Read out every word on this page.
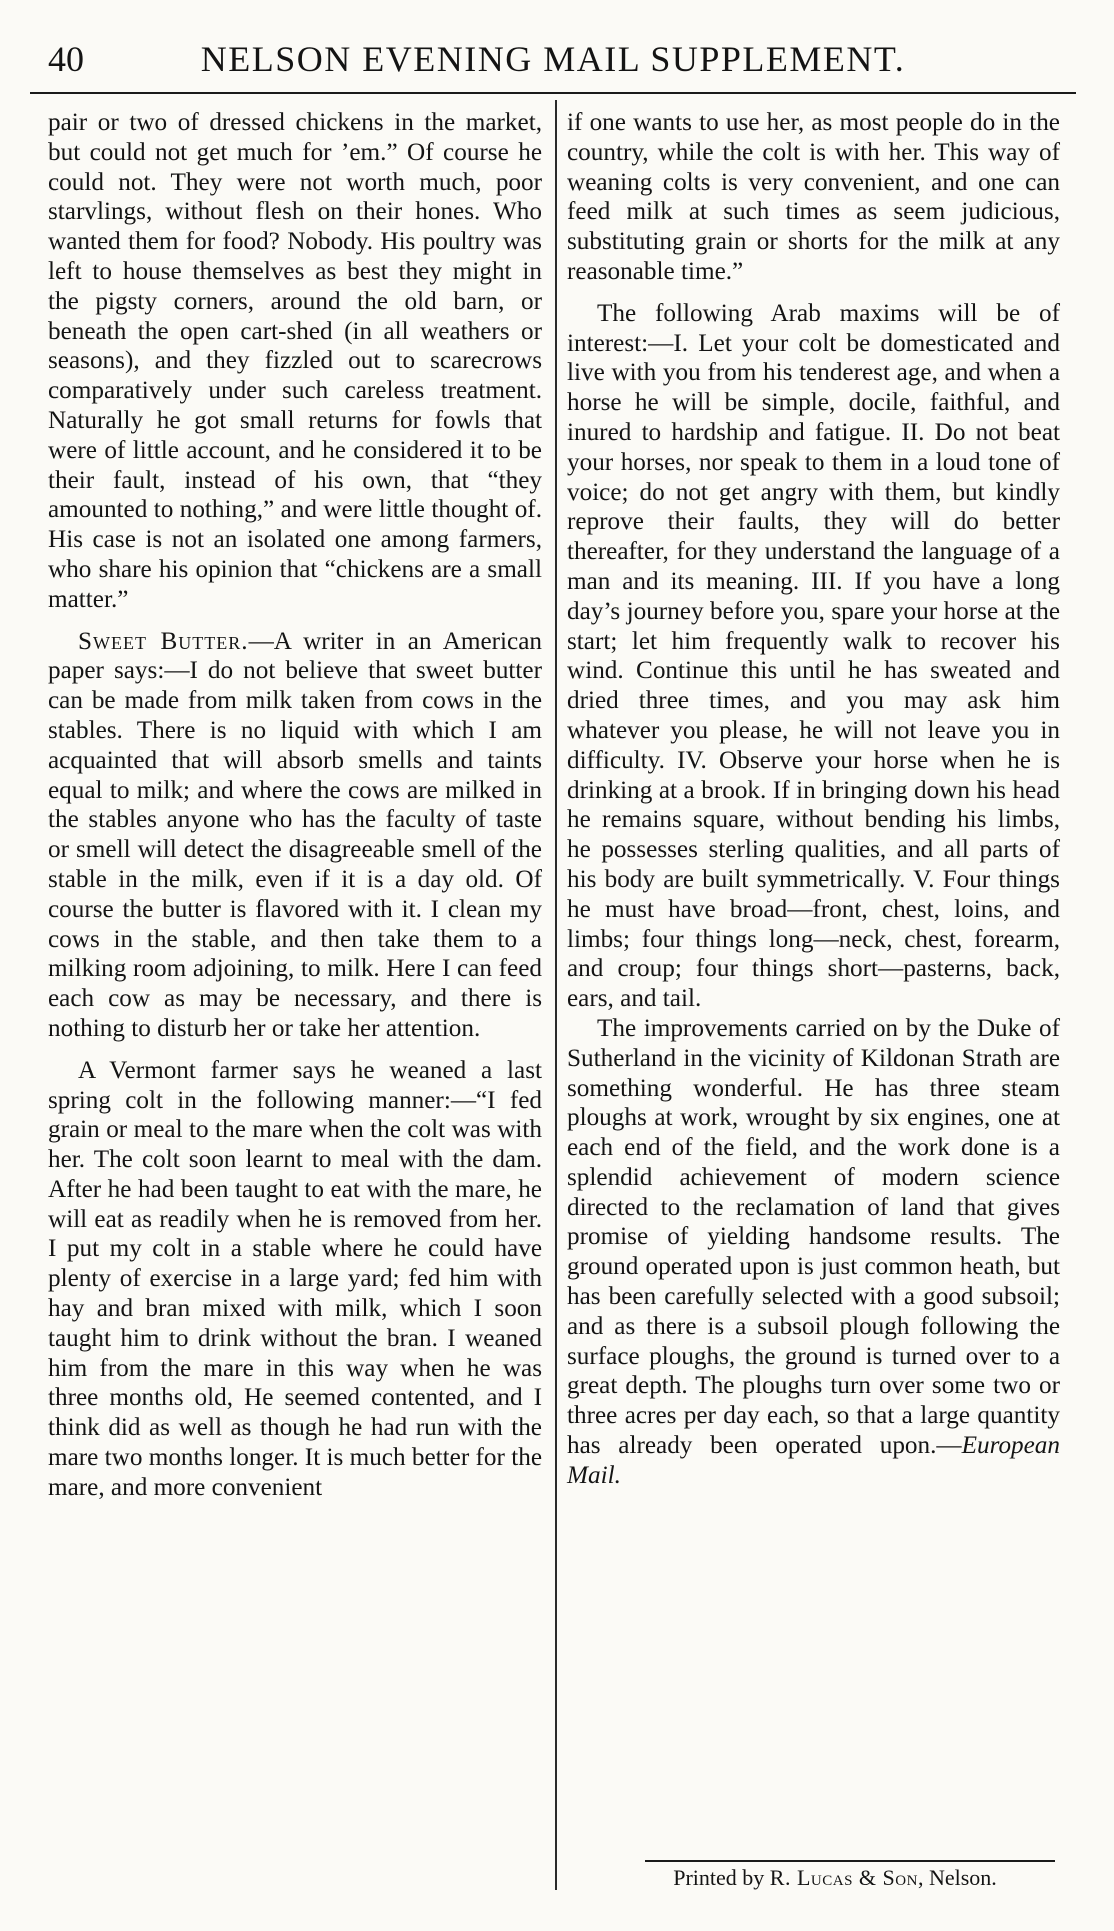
40	NELSON EVENING MAIL SUPPLEMENT.

pair or two of dressed chickens in the market, but could not get much for ’em.” Of course he could not. They were not worth much, poor starvlings, without flesh on their hones. Who wanted them for food? Nobody. His poultry was left to house themselves as best they might in the pigsty corners, around the old barn, or beneath the open cart-shed (in all weathers or seasons), and they fizzled out to scarecrows comparatively under such careless treatment. Naturally he got small returns for fowls that were of little account, and he considered it to be their fault, instead of his own, that “they amounted to nothing,” and were little thought of. His case is not an isolated one among farmers, who share his opinion that “chickens are a small matter.”

Sweet Butter.—A writer in an American paper says:—I do not believe that sweet butter can be made from milk taken from cows in the stables. There is no liquid with which I am acquainted that will absorb smells and taints equal to milk; and where the cows are milked in the stables anyone who has the faculty of taste or smell will detect the disagreeable smell of the stable in the milk, even if it is a day old. Of course the butter is flavored with it. I clean my cows in the stable, and then take them to a milking room adjoining, to milk. Here I can feed each cow as may be necessary, and there is nothing to disturb her or take her attention.

A Vermont farmer says he weaned a last spring colt in the following manner:—“I fed grain or meal to the mare when the colt was with her. The colt soon learnt to meal with the dam. After he had been taught to eat with the mare, he will eat as readily when he is removed from her. I put my colt in a stable where he could have plenty of exercise in a large yard; fed him with hay and bran mixed with milk, which I soon taught him to drink without the bran. I weaned him from the mare in this way when he was three months old, He seemed contented, and I think did as well as though he had run with the mare two months longer. It is much better for the mare, and more convenient

if one wants to use her, as most people do in the country, while the colt is with her. This way of weaning colts is very convenient, and one can feed milk at such times as seem judicious, substituting grain or shorts for the milk at any reasonable time.”

The following Arab maxims will be of interest:—I. Let your colt be domesticated and live with you from his tenderest age, and when a horse he will be simple, docile, faithful, and inured to hardship and fatigue. II. Do not beat your horses, nor speak to them in a loud tone of voice; do not get angry with them, but kindly reprove their faults, they will do better thereafter, for they understand the language of a man and its meaning. III. If you have a long day’s journey before you, spare your horse at the start; let him frequently walk to recover his wind. Continue this until he has sweated and dried three times, and you may ask him whatever you please, he will not leave you in difficulty. IV. Observe your horse when he is drinking at a brook. If in bringing down his head he remains square, without bending his limbs, he possesses sterling qualities, and all parts of his body are built symmetrically. V. Four things he must have broad—front, chest, loins, and limbs; four things long—neck, chest, forearm, and croup; four things short—pasterns, back, ears, and tail.

The improvements carried on by the Duke of Sutherland in the vicinity of Kildonan Strath are something wonderful. He has three steam ploughs at work, wrought by six engines, one at each end of the field, and the work done is a splendid achievement of modern science directed to the reclamation of land that gives promise of yielding handsome results. The ground operated upon is just common heath, but has been carefully selected with a good subsoil; and as there is a subsoil plough following the surface ploughs, the ground is turned over to a great depth. The ploughs turn over some two or three acres per day each, so that a large quantity has already been operated upon.—European Mail.

Printed by R. Lucas & Son, Nelson.
